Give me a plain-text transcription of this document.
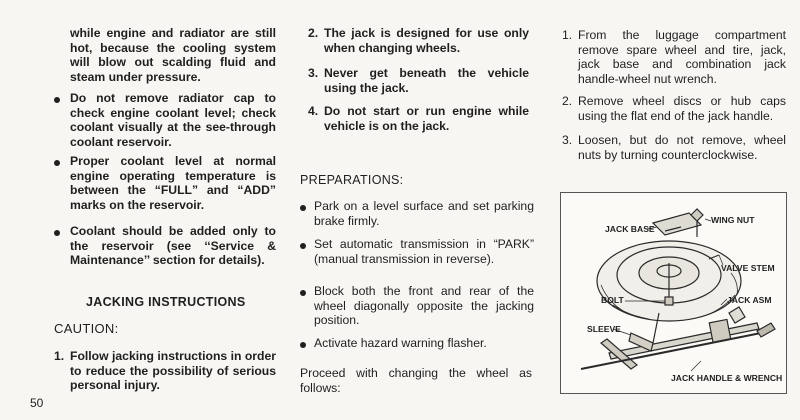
while engine and radiator are still hot, because the cooling system will blow out scalding fluid and steam under pressure.
Do not remove radiator cap to check engine coolant level; check coolant visually at the see-through coolant reservoir.
Proper coolant level at normal engine operating temperature is between the “FULL” and “ADD” marks on the reservoir.
Coolant should be added only to the reservoir (see ‘‘Service & Maintenance’’ section for details).
JACKING INSTRUCTIONS
CAUTION:
1. Follow jacking instructions in order to reduce the possibility of serious personal injury.
2. The jack is designed for use only when changing wheels.
3. Never get beneath the vehicle using the jack.
4. Do not start or run engine while vehicle is on the jack.
PREPARATIONS:
Park on a level surface and set parking brake firmly.
Set automatic transmission in “PARK” (manual transmission in reverse).
Block both the front and rear of the wheel diagonally opposite the jacking position.
Activate hazard warning flasher.
Proceed with changing the wheel as follows:
1. From the luggage compartment remove spare wheel and tire, jack, jack base and combination jack handle-wheel nut wrench.
2. Remove wheel discs or hub caps using the flat end of the jack handle.
3. Loosen, but do not remove, wheel nuts by turning counterclockwise.
JACK BASE
WING NUT
VALVE STEM
BOLT	JACK ASM
SLEEVE
JACK HANDLE & WRENCH
50
